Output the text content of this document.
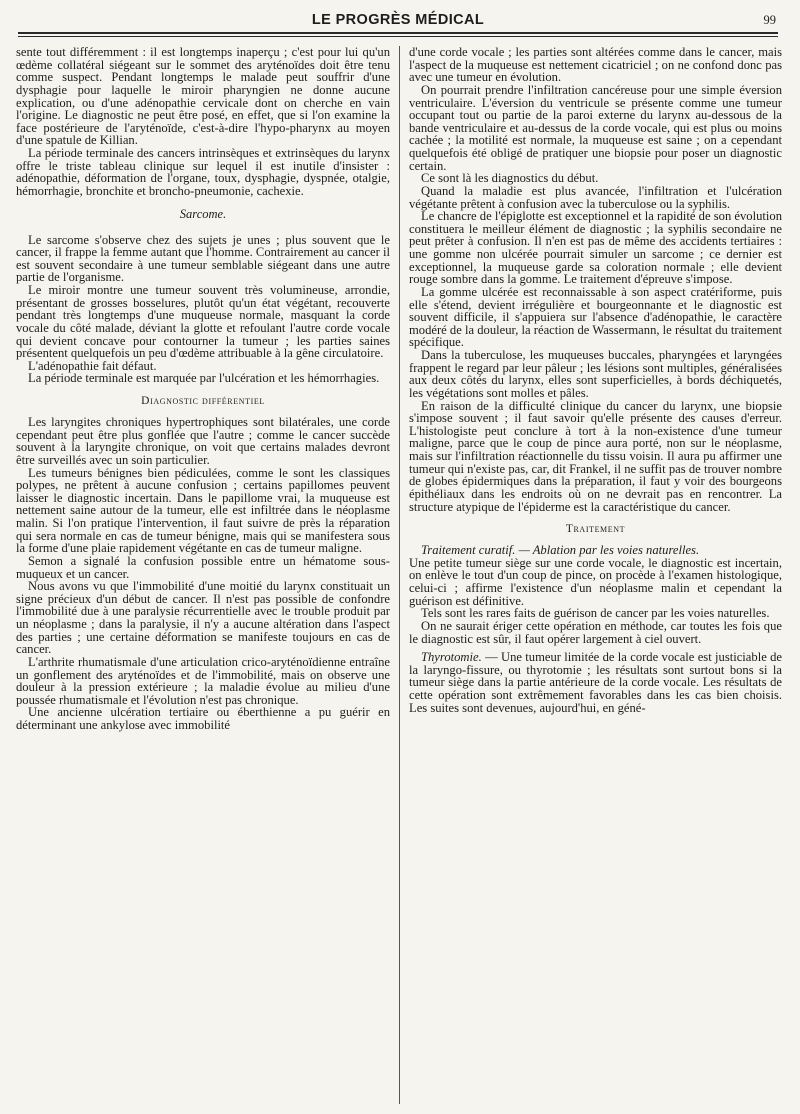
LE PROGRÈS MÉDICAL	99

sente tout différemment : il est longtemps inaperçu ; c'est pour lui qu'un œdème collatéral siégeant sur le sommet des aryténoïdes doit être tenu comme suspect. Pendant longtemps le malade peut souffrir d'une dysphagie pour laquelle le miroir pharyngien ne donne aucune explication, ou d'une adénopathie cervicale dont on cherche en vain l'origine. Le diagnostic ne peut être posé, en effet, que si l'on examine la face postérieure de l'aryténoïde, c'est-à-dire l'hypo-pharynx au moyen d'une spatule de Killian.

La période terminale des cancers intrinsèques et extrinsèques du larynx offre le triste tableau clinique sur lequel il est inutile d'insister : adénopathie, déformation de l'organe, toux, dysphagie, dyspnée, otalgie, hémorrhagie, bronchite et broncho-pneumonie, cachexie.

Sarcome.

Le sarcome s'observe chez des sujets je unes ; plus souvent que le cancer, il frappe la femme autant que l'homme. Contrairement au cancer il est souvent secondaire à une tumeur semblable siégeant dans une autre partie de l'organisme.

Le miroir montre une tumeur souvent très volumineuse, arrondie, présentant de grosses bosselures, plutôt qu'un état végétant, recouverte pendant très longtemps d'une muqueuse normale, masquant la corde vocale du côté malade, déviant la glotte et refoulant l'autre corde vocale qui devient concave pour contourner la tumeur ; les parties saines présentent quelquefois un peu d'œdème attribuable à la gêne circulatoire.

L'adénopathie fait défaut.

La période terminale est marquée par l'ulcération et les hémorrhagies.

Diagnostic différentiel

Les laryngites chroniques hypertrophiques sont bilatérales, une corde cependant peut être plus gonflée que l'autre ; comme le cancer succède souvent à la laryngite chronique, on voit que certains malades devront être surveillés avec un soin particulier.

Les tumeurs bénignes bien pédiculées, comme le sont les classiques polypes, ne prêtent à aucune confusion ; certains papillomes peuvent laisser le diagnostic incertain. Dans le papillome vrai, la muqueuse est nettement saine autour de la tumeur, elle est infiltrée dans le néoplasme malin. Si l'on pratique l'intervention, il faut suivre de près la réparation qui sera normale en cas de tumeur bénigne, mais qui se manifestera sous la forme d'une plaie rapidement végétante en cas de tumeur maligne.

Semon a signalé la confusion possible entre un hématome sous-muqueux et un cancer.

Nous avons vu que l'immobilité d'une moitié du larynx constituait un signe précieux d'un début de cancer. Il n'est pas possible de confondre l'immobilité due à une paralysie récurrentielle avec le trouble produit par un néoplasme ; dans la paralysie, il n'y a aucune altération dans l'aspect des parties ; une certaine déformation se manifeste toujours en cas de cancer.

L'arthrite rhumatismale d'une articulation crico-aryténoïdienne entraîne un gonflement des aryténoïdes et de l'immobilité, mais on observe une douleur à la pression extérieure ; la maladie évolue au milieu d'une poussée rhumatismale et l'évolution n'est pas chronique.

Une ancienne ulcération tertiaire ou éberthienne a pu guérir en déterminant une ankylose avec immobilité

d'une corde vocale ; les parties sont altérées comme dans le cancer, mais l'aspect de la muqueuse est nettement cicatriciel ; on ne confond donc pas avec une tumeur en évolution.

On pourrait prendre l'infiltration cancéreuse pour une simple éversion ventriculaire. L'éversion du ventricule se présente comme une tumeur occupant tout ou partie de la paroi externe du larynx au-dessous de la bande ventriculaire et au-dessus de la corde vocale, qui est plus ou moins cachée ; la motilité est normale, la muqueuse est saine ; on a cependant quelquefois été obligé de pratiquer une biopsie pour poser un diagnostic certain.

Ce sont là les diagnostics du début.

Quand la maladie est plus avancée, l'infiltration et l'ulcération végétante prêtent à confusion avec la tuberculose ou la syphilis.

Le chancre de l'épiglotte est exceptionnel et la rapidité de son évolution constituera le meilleur élément de diagnostic ; la syphilis secondaire ne peut prêter à confusion. Il n'en est pas de même des accidents tertiaires : une gomme non ulcérée pourrait simuler un sarcome ; ce dernier est exceptionnel, la muqueuse garde sa coloration normale ; elle devient rouge sombre dans la gomme. Le traitement d'épreuve s'impose.

La gomme ulcérée est reconnaissable à son aspect cratériforme, puis elle s'étend, devient irrégulière et bourgeonnante et le diagnostic est souvent difficile, il s'appuiera sur l'absence d'adénopathie, le caractère modéré de la douleur, la réaction de Wassermann, le résultat du traitement spécifique.

Dans la tuberculose, les muqueuses buccales, pharyngées et laryngées frappent le regard par leur pâleur ; les lésions sont multiples, généralisées aux deux côtés du larynx, elles sont superficielles, à bords déchiquetés, les végétations sont molles et pâles.

En raison de la difficulté clinique du cancer du larynx, une biopsie s'impose souvent ; il faut savoir qu'elle présente des causes d'erreur. L'histologiste peut conclure à tort à la non-existence d'une tumeur maligne, parce que le coup de pince aura porté, non sur le néoplasme, mais sur l'infiltration réactionnelle du tissu voisin. Il aura pu affirmer une tumeur qui n'existe pas, car, dit Frankel, il ne suffit pas de trouver nombre de globes épidermiques dans la préparation, il faut y voir des bourgeons épithéliaux dans les endroits où on ne devrait pas en rencontrer. La structure atypique de l'épiderme est la caractéristique du cancer.

Traitement

Traitement curatif. — Ablation par les voies naturelles.

Une petite tumeur siège sur une corde vocale, le diagnostic est incertain, on enlève le tout d'un coup de pince, on procède à l'examen histologique, celui-ci ; affirme l'existence d'un néoplasme malin et cependant la guérison est définitive.

Tels sont les rares faits de guérison de cancer par les voies naturelles.

On ne saurait ériger cette opération en méthode, car toutes les fois que le diagnostic est sûr, il faut opérer largement à ciel ouvert.

Thyrotomie. — Une tumeur limitée de la corde vocale est justiciable de la laryngo-fissure, ou thyrotomie ; les résultats sont surtout bons si la tumeur siège dans la partie antérieure de la corde vocale. Les résultats de cette opération sont extrêmement favorables dans les cas bien choisis. Les suites sont devenues, aujourd'hui, en géné-
